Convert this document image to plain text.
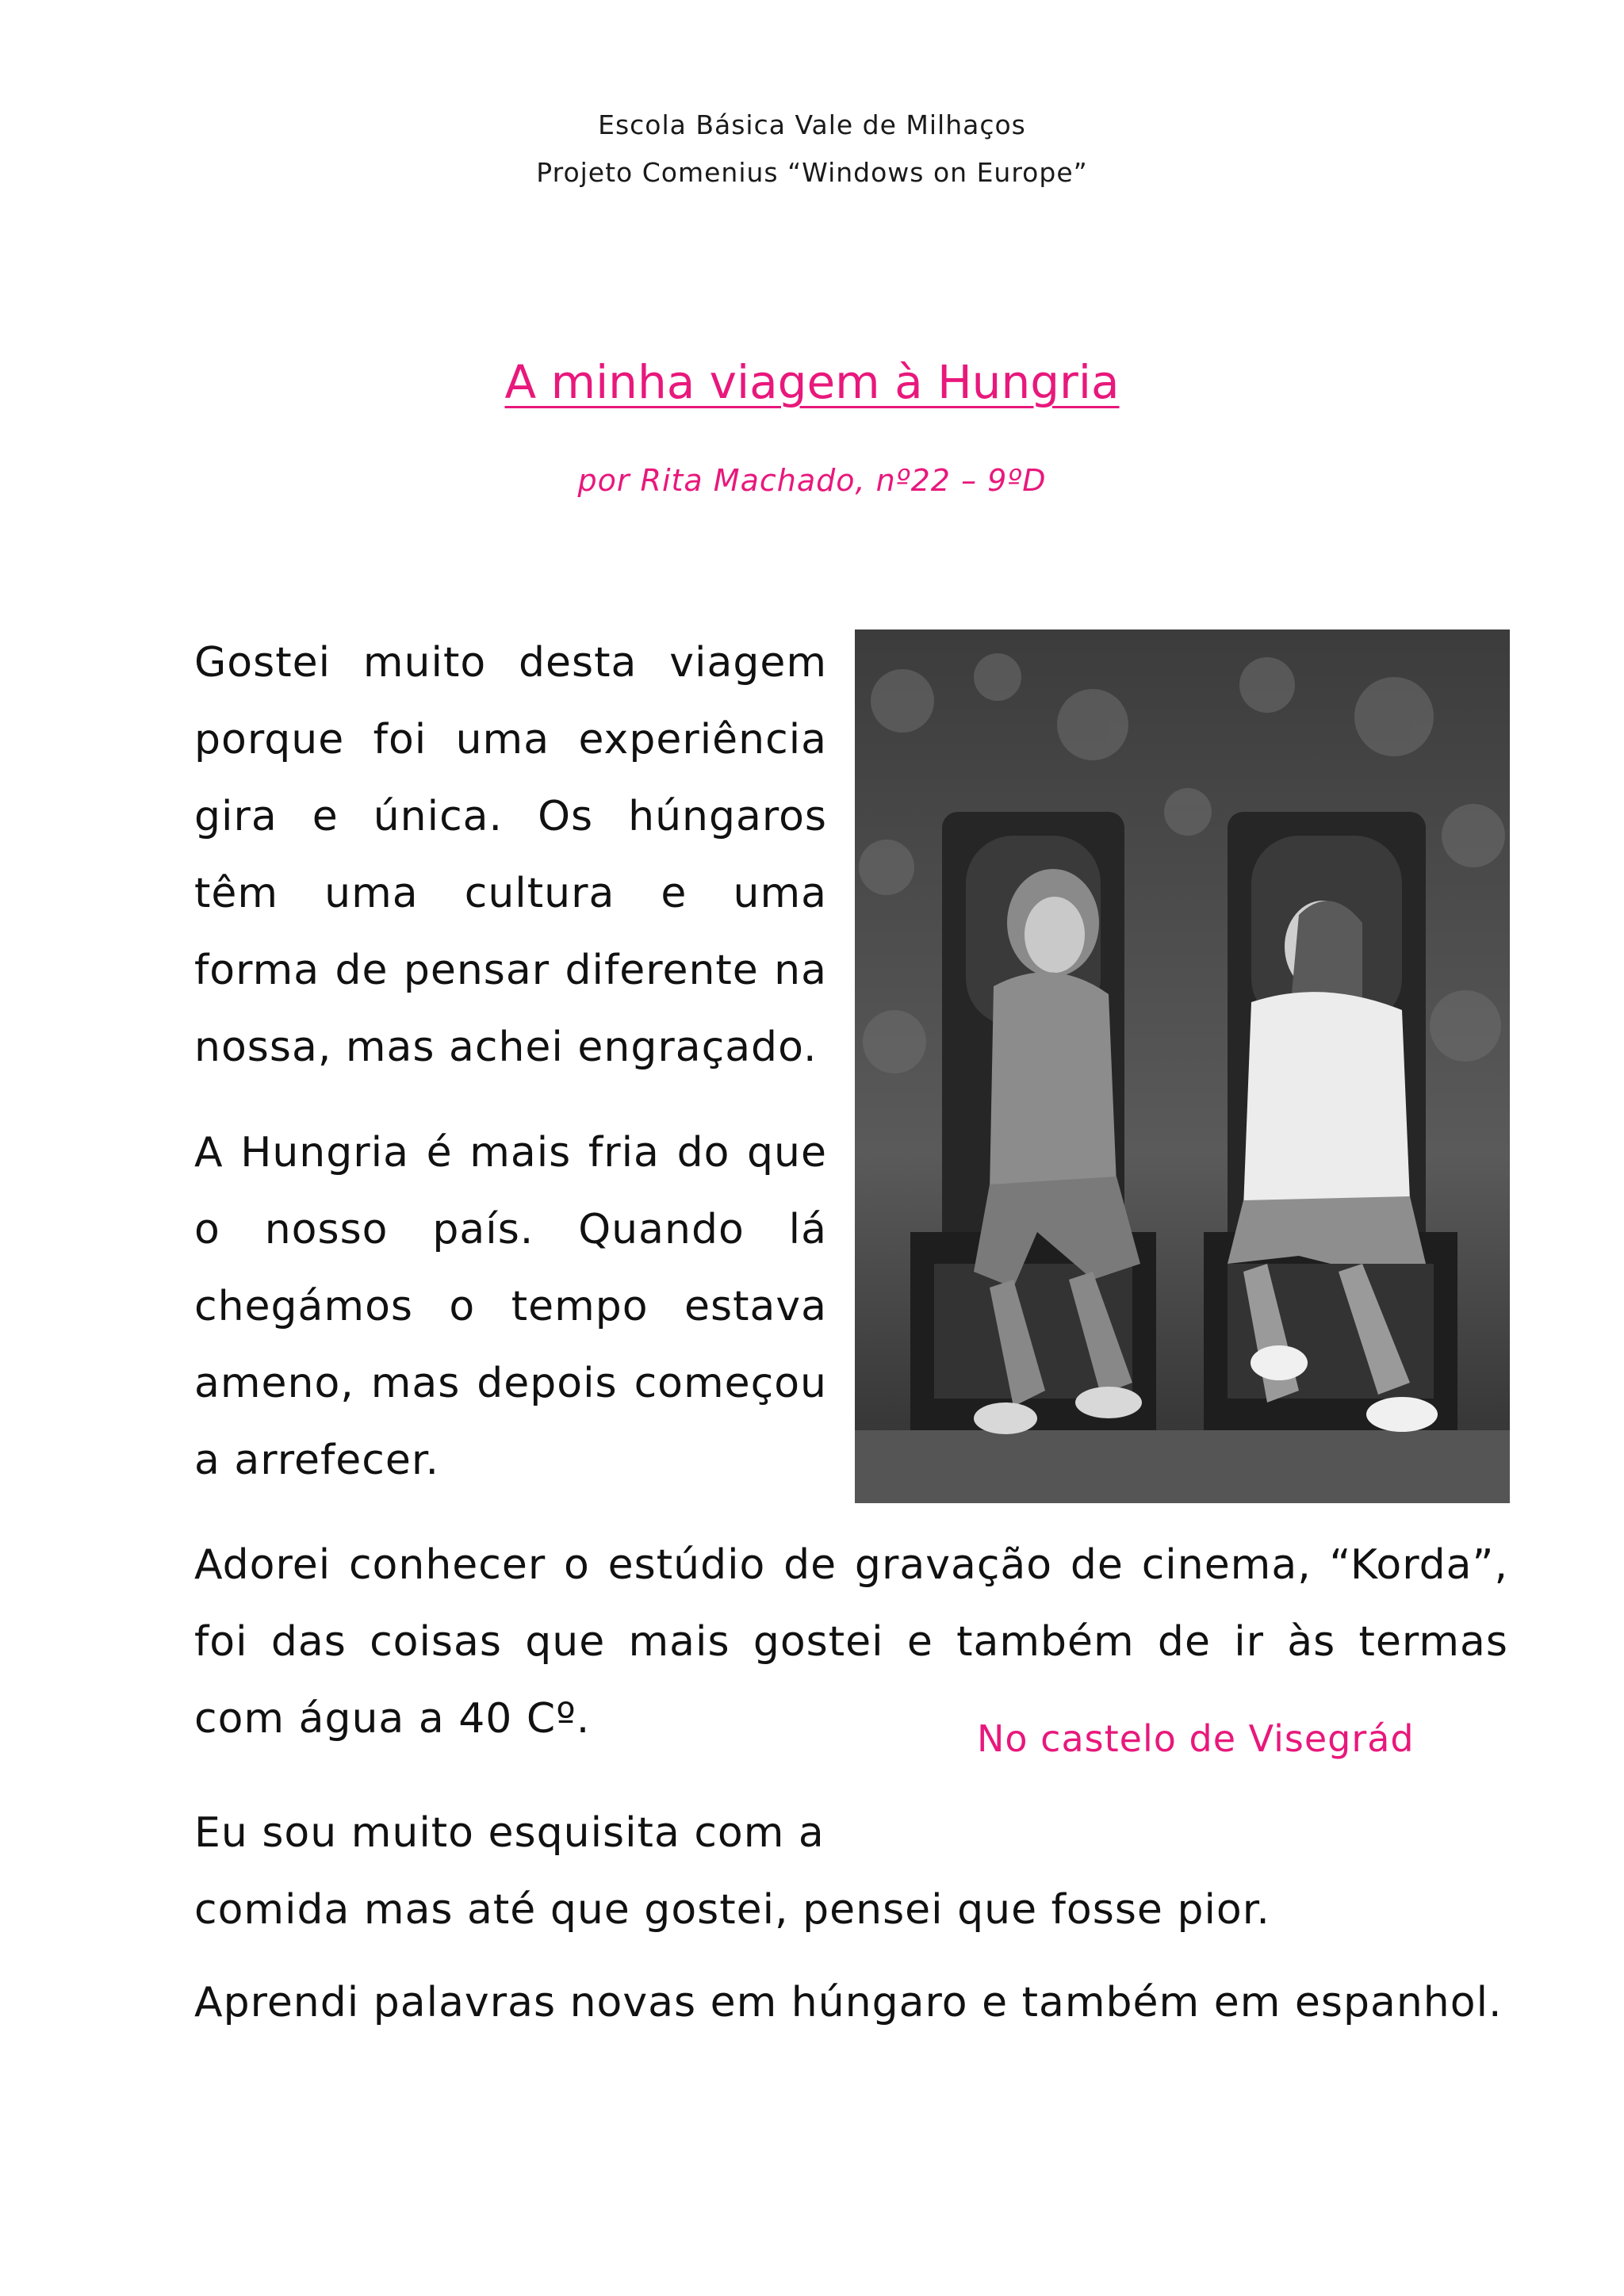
Escola Básica Vale de Milhaços
Projeto Comenius “Windows on Europe”
A minha viagem à Hungria
por Rita Machado, nº22 – 9ºD
Gostei muito desta viagem porque foi uma experiência gira e única. Os húngaros têm uma cultura e uma forma de pensar diferente na nossa, mas achei engraçado.
A Hungria é mais fria do que o nosso país. Quando lá chegámos o tempo estava ameno, mas depois começou a arrefecer.
Adorei conhecer o estúdio de gravação de cinema, “Korda”, foi das coisas que mais gostei e também de ir às termas com água a 40 Cº.
Eu sou muito esquisita com a
comida mas até que gostei, pensei que fosse pior.
Aprendi palavras novas em húngaro e também em espanhol.
No castelo de Visegrád
